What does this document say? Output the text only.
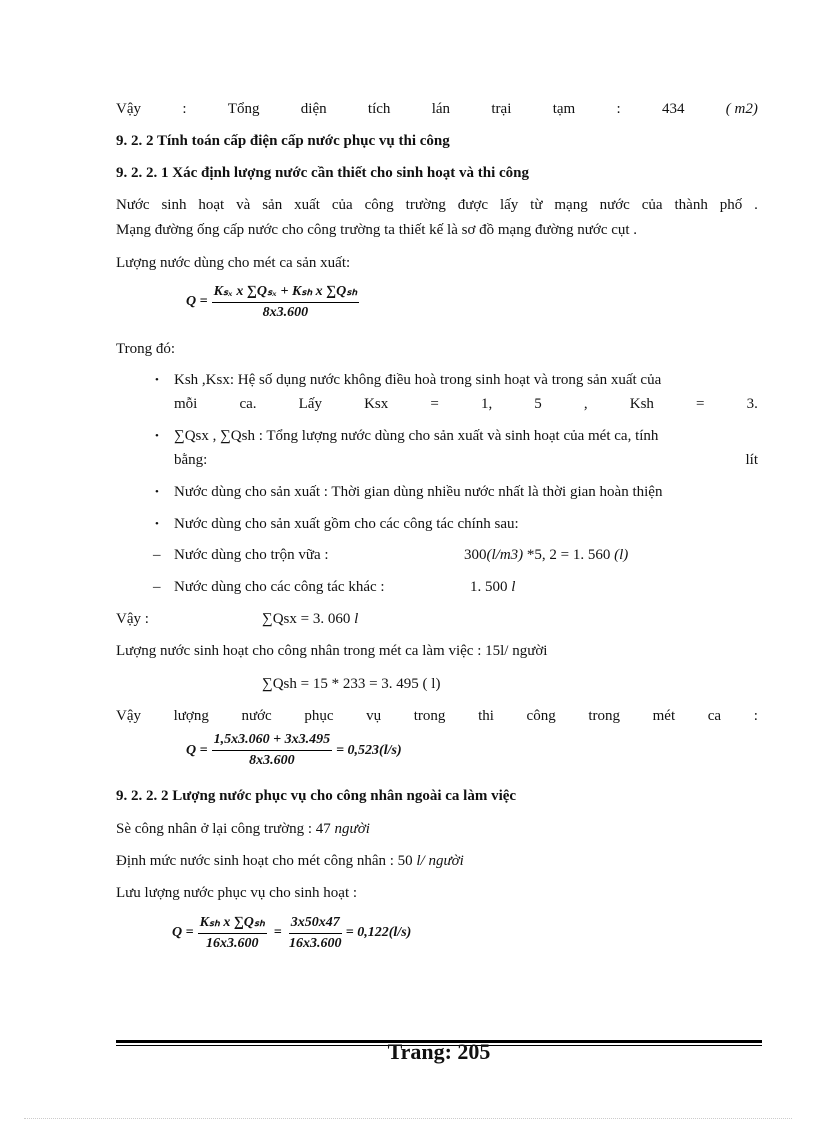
Vậy	:	Tổng	diện	tích	lán	trại	tạm	:	434	( m2)
9. 2. 2 Tính toán cấp điện cấp nước phục vụ thi công
9. 2. 2. 1 Xác định lượng nước cần thiết cho sinh hoạt và thi công
Nước sinh hoạt và sản xuất của công trường được lấy từ mạng nước của thành phố .
Mạng đường ống cấp nước cho công trường ta thiết kế là sơ đồ mạng đường nước cụt .
Lượng nước dùng cho mét ca sản xuất:
$Q = \frac{\text{Kₛₓ x ∑Qₛₓ + Kₛₕ x ∑Qₛₕ}}{8x3.600}$
Trong đó:
• Ksh ,Ksx: Hệ số dụng nước không điều hoà trong sinh hoạt và trong sản xuất của
mỗi	ca.	Lấy	Ksx	=	1,	5	,	Ksh	=	3.
• ∑Qsx , ∑Qsh : Tổng lượng nước dùng cho sản xuất và sinh hoạt của mét ca, tính
bằng:	lít
• Nước dùng cho sản xuất : Thời gian dùng nhiều nước nhất là thời gian hoàn thiện
• Nước dùng cho sản xuất gồm cho các công tác chính sau:
– Nước dùng cho trộn vữa :	300(l/m3) *5, 2 = 1. 560 (l)
– Nước dùng cho các công tác khác :	1. 500 l
Vậy :	∑Qsx = 3. 060 l
Lượng nước sinh hoạt cho công nhân trong mét ca làm việc : 15l/ người
∑Qsh = 15 * 233 = 3. 495 ( l)
Vậy lượng nước phục vụ trong thi công trong mét ca :
$Q = \frac{1,5x3.060 + 3x3.495}{8x3.600} = 0,523(l/s)$
9. 2. 2. 2 Lượng nước phục vụ cho công nhân ngoài ca làm việc
Sè công nhân ở lại công trường : 47 người
Định mức nước sinh hoạt cho mét công nhân : 50 l/ người
Lưu lượng nước phục vụ cho sinh hoạt :
$Q = \frac{\text{Kₛₕ x ∑Qₛₕ}}{16x3.600} = \frac{3x50x47}{16x3.600} = 0,122(l/s)$
Trang: 205
